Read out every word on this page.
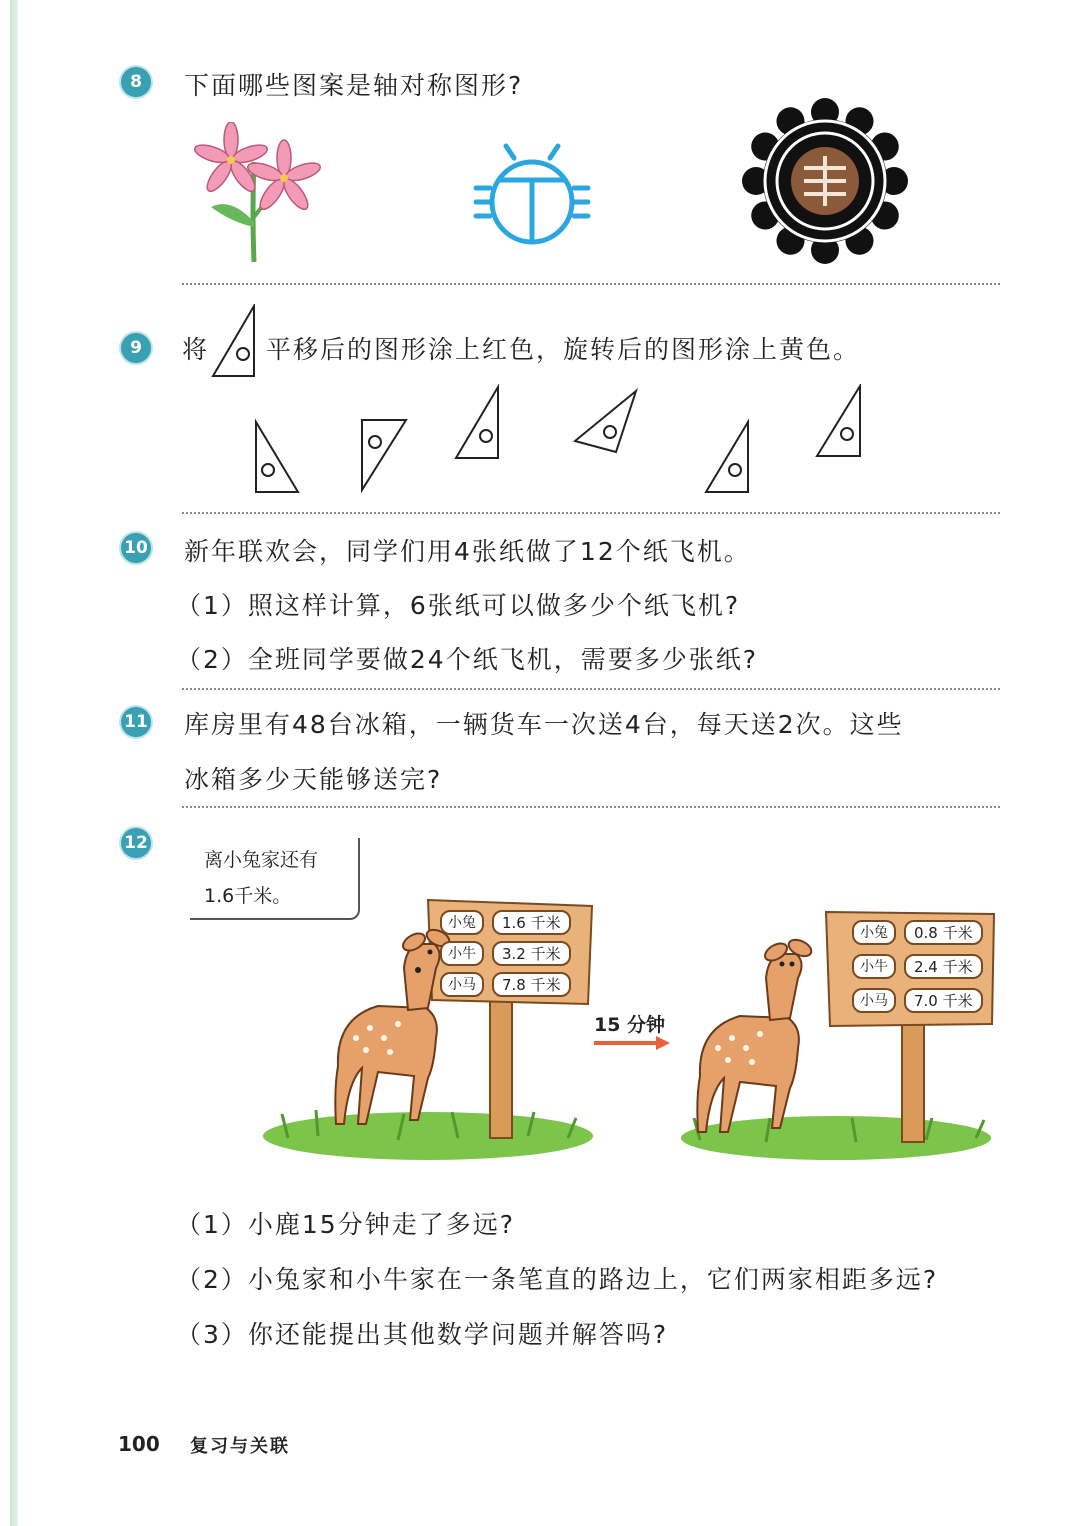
8	下面哪些图案是轴对称图形?
9	将 平移后的图形涂上红色，旋转后的图形涂上黄色。
10 新年联欢会，同学们用4张纸做了12个纸飞机。
（1）照这样计算，6张纸可以做多少个纸飞机?
（2）全班同学要做24个纸飞机，需要多少张纸?
11 库房里有48台冰箱，一辆货车一次送4台，每天送2次。这些
冰箱多少天能够送完?
12
离小兔家还有
1.6千米。
小兔	1.6 千米
小牛	3.2 千米
小马	7.8 千米
15 分钟
小兔	0.8 千米
小牛	2.4 千米
小马	7.0 千米
（1）小鹿15分钟走了多远?
（2）小兔家和小牛家在一条笔直的路边上，它们两家相距多远?
（3）你还能提出其他数学问题并解答吗?
100 复习与关联
